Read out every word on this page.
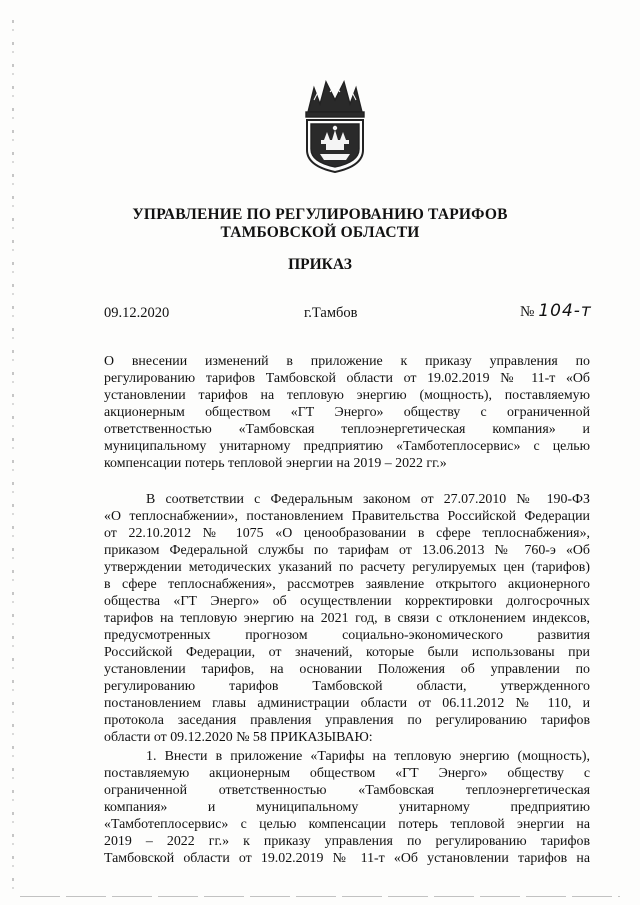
УПРАВЛЕНИЕ ПО РЕГУЛИРОВАНИЮ ТАРИФОВ
ТАМБОВСКОЙ ОБЛАСТИ
ПРИКАЗ
09.12.2020	г.Тамбов	№ 104-т
О внесении изменений в приложение к приказу управления по
регулированию тарифов Тамбовской области от 19.02.2019 № 11-т «Об
установлении тарифов на тепловую энергию (мощность), поставляемую
акционерным обществом «ГТ Энерго» обществу с ограниченной
ответственностью «Тамбовская теплоэнергетическая компания» и
муниципальному унитарному предприятию «Тамботеплосервис» с целью
компенсации потерь тепловой энергии на 2019 – 2022 гг.»
В соответствии с Федеральным законом от 27.07.2010 № 190-ФЗ
«О теплоснабжении», постановлением Правительства Российской Федерации
от 22.10.2012 № 1075 «О ценообразовании в сфере теплоснабжения»,
приказом Федеральной службы по тарифам от 13.06.2013 № 760-э «Об
утверждении методических указаний по расчету регулируемых цен (тарифов)
в сфере теплоснабжения», рассмотрев заявление открытого акционерного
общества «ГТ Энерго» об осуществлении корректировки долгосрочных
тарифов на тепловую энергию на 2021 год, в связи с отклонением индексов,
предусмотренных прогнозом социально-экономического развития
Российской Федерации, от значений, которые были использованы при
установлении тарифов, на основании Положения об управлении по
регулированию тарифов Тамбовской области, утвержденного
постановлением главы администрации области от 06.11.2012 № 110, и
протокола заседания правления управления по регулированию тарифов
области от 09.12.2020 № 58 ПРИКАЗЫВАЮ:
1. Внести в приложение «Тарифы на тепловую энергию (мощность),
поставляемую акционерным обществом «ГТ Энерго» обществу с
ограниченной ответственностью «Тамбовская теплоэнергетическая
компания» и муниципальному унитарному предприятию
«Тамботеплосервис» с целью компенсации потерь тепловой энергии на
2019 – 2022 гг.» к приказу управления по регулированию тарифов
Тамбовской области от 19.02.2019 № 11-т «Об установлении тарифов на
